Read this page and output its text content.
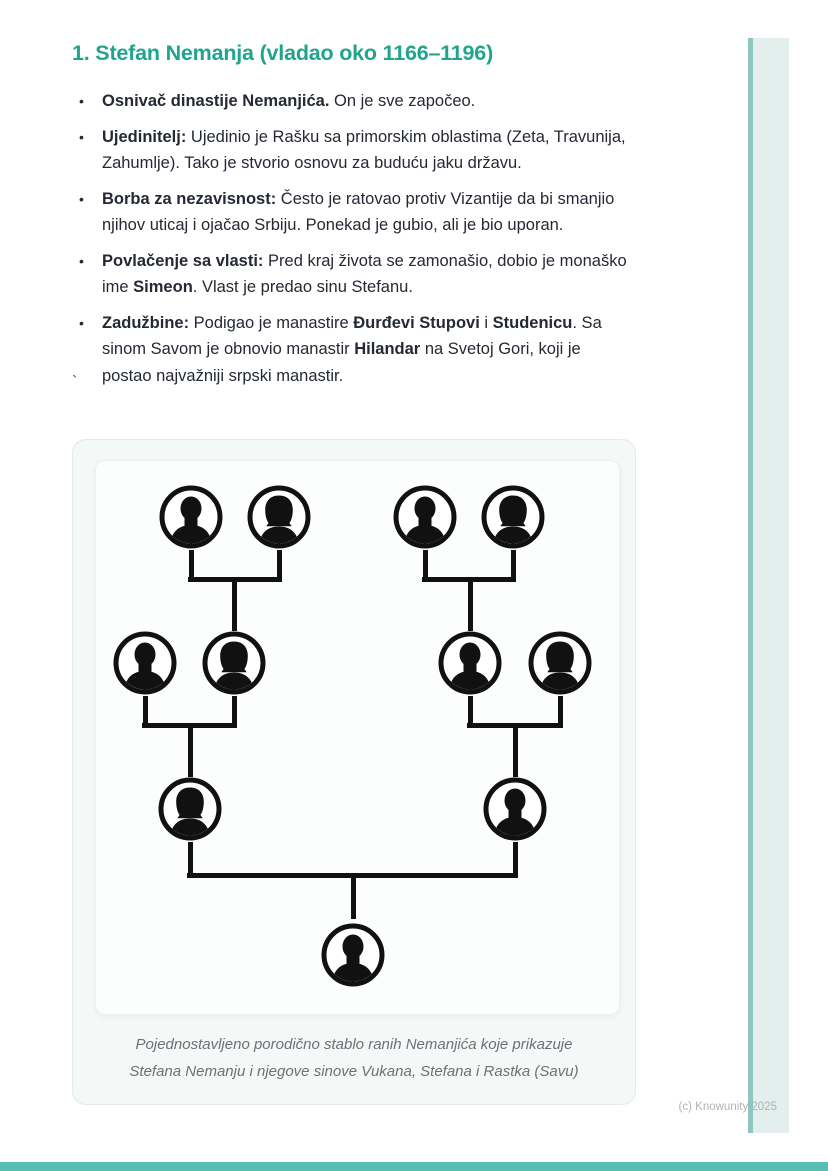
1. Stefan Nemanja (vladao oko 1166–1196)
•	Osnivač dinastije Nemanjića. On je sve započeo.

•	Ujedinitelj: Ujedinio je Rašku sa primorskim oblastima (Zeta, Travunija, Zahumlje). Tako je stvorio osnovu za buduću jaku državu.

•	Borba za nezavisnost: Često je ratovao protiv Vizantije da bi smanjio njihov uticaj i ojačao Srbiju. Ponekad je gubio, ali je bio uporan.

•	Povlačenje sa vlasti: Pred kraj života se zamonašio, dobio je monaško ime Simeon. Vlast je predao sinu Stefanu.

•	Zadužbine: Podigao je manastire Đurđevi Stupovi i Studenicu. Sa sinom Savom je obnovio manastir Hilandar na Svetoj Gori, koji je postao najvažniji srpski manastir.

`
Pojednostavljeno porodično stablo ranih Nemanjića koje prikazuje Stefana Nemanju i njegove sinove Vukana, Stefana i Rastka (Savu)
(c) Knowunity 2025
